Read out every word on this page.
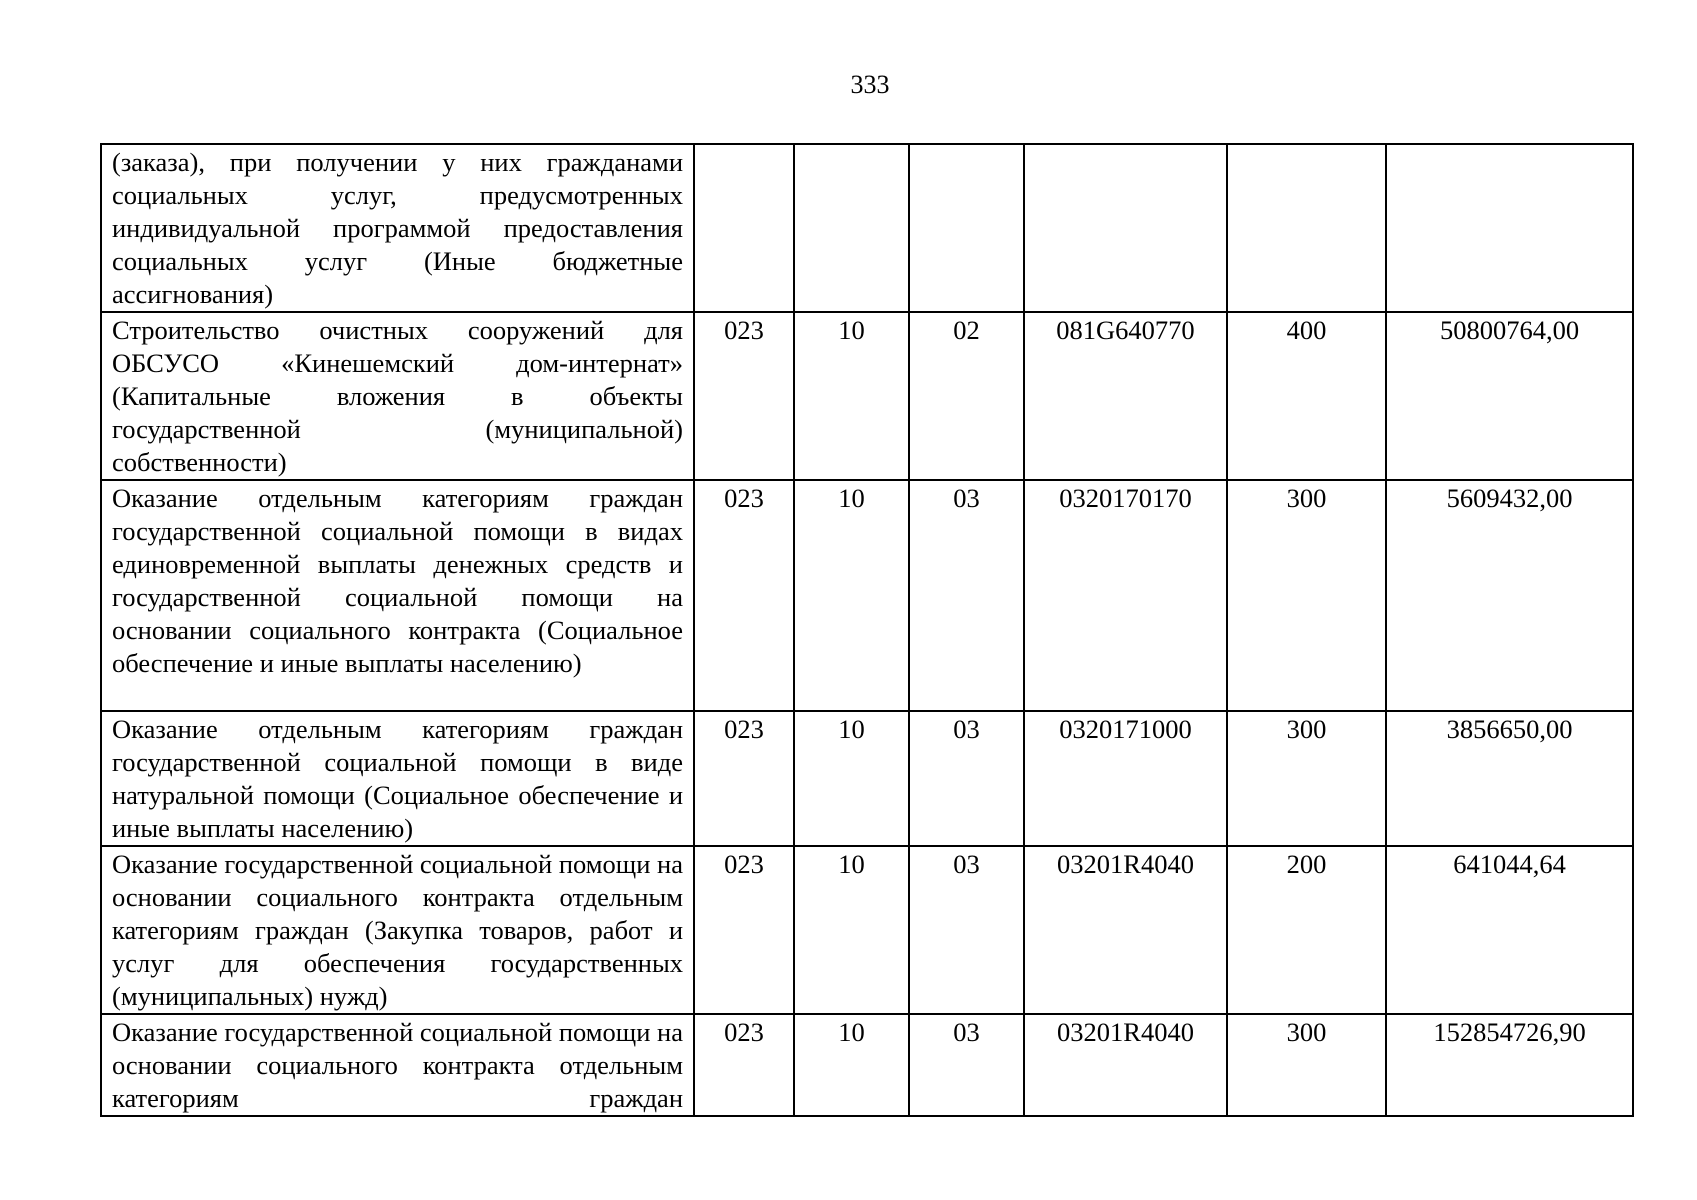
333
(заказа), при получении у них гражданами социальных услуг, предусмотренных индивидуальной программой предоставления социальных услуг (Иные бюджетные ассигнования)						
Строительство очистных сооружений для ОБСУСО «Кинешемский дом-интернат» (Капитальные вложения в объекты государственной (муниципальной) собственности)	023	10	02	081G640770	400	50800764,00
Оказание отдельным категориям граждан государственной социальной помощи в видах единовременной выплаты денежных средств и государственной социальной помощи на основании социального контракта (Социальное обеспечение и иные выплаты населению)	023	10	03	0320170170	300	5609432,00
Оказание отдельным категориям граждан государственной социальной помощи в виде натуральной помощи (Социальное обеспечение и иные выплаты населению)	023	10	03	0320171000	300	3856650,00
Оказание государственной социальной помощи на основании социального контракта отдельным категориям граждан (Закупка товаров, работ и услуг для обеспечения государственных (муниципальных) нужд)	023	10	03	03201R4040	200	641044,64
Оказание государственной социальной помощи на основании социального контракта отдельным категориям граждан	023	10	03	03201R4040	300	152854726,90
